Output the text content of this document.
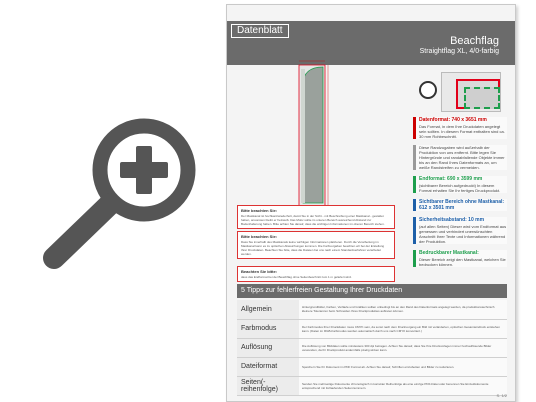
Datenblatt
Beachflag
Straightflag XL, 4/0-farbig
Datenformat: 740 x 3651 mm
Das Format, in dem Ihre Druckdaten angelegt sein sollten. In diesem Format enthalten sind ca. 30 mm Rohbeschnitt.
Diese Randzugaben wird außerhalb der Produktion von uns entfernt. Bitte legen Sie Hintergründe und randabfallende Objekte immer bis an den Rand Ihres Datenformats an, um weiße Randstreifen zu vermeiden.
Endformat: 690 x 3599 mm
(sichtbarer Bereich aufgedruckt) In diesem Format erhalten Sie Ihr fertiges Druckprodukt.
Sichtbarer Bereich ohne Mastkanal: 612 x 3501 mm
Sicherheitsabstand: 10 mm
(auf allen Seiten) Dieser wird vom Endformat aus gemessen und verhindert unerwünschten Anschnitt Ihrer Texte und Informationen während der Produktion.
Bedruckbarer Mastkanal:
Dieser Bereich zeigt den Mastkanal, welchen Sie bedrucken können.
Bitte beachten Sie:
Der Mastkanal ist hochkant/wiederholt, damit Sie in der Sicht - mit Beschreibung einer Mastkanal - gestaltet haben, ansonsten bleibt er frei/weiß. Das Motiv sollte im unteren Bereich ausreichend Abstand zur Bodenhalterung haben. Bitte achten Sie darauf, dass die wichtigen Informationen im oberen Bereich stehen.
Bitte beachten Sie:
Dass Sie innerhalb des Mastkanals keine wichtigen Informationen platzieren. Durch die Verarbeitung im Mastkanal kann es zu optischen Abweichungen kommen. Die Farbvorgaben beachten wir bei der Erstellung Ihrer Druckdaten. Beachten Sie bitte, dass die Dateien bei uns nach einem Standardverfahren verarbeitet werden.
Beachten Sie bitte:
dass das Endformat bei der Beachflag ohne Seitenbeschnitt zum 1 m geliefert wird.
5 Tipps zur fehlerfreien Gestaltung Ihrer Druckdaten
Allgemein	Hintergrundbilder, Farben, Verläufe und Grafiken sollten unbedingt bis an den Rand des Datenformats angelegt werden, da produktionstechnisch kleinere Toleranzen beim Schneiden Ihres Druckproduktes auftreten können.
Farbmodus	Der Farbmodus Ihrer Druckdaten muss CMYK sein, da sonst nach dem Druckvorgang ein Bild mit veränderten, optischen Gesamteindruck entstehen kann. (Daten im RGB-Farbmodus werden automatisch durch uns nach CMYK konvertiert.)
Auflösung	Die Auflösung von Bilddaten sollte mindestens 300 dpi betragen. Achten Sie darauf, dass Sie Ihre Druckvorlagen immer hochauflösende Bilder verwenden, da Ihr Druckprodukt andernfalls pixelig wirken kann.
Dateiformat	Speichern Sie Ihr Dokument im PDF Format ab. Achten Sie darauf, Schriften einzubetten und Bilder zu reduzieren.
Seiten(-reihenfolge)	Senden Sie mehrseitige Dokumente chronologisch in korrekter Reihenfolge als eine einzige PDF-Datei oder benennen Sie Einzeldokumente entsprechend mit fortlaufenden Seitennummern.
S. 1/2
